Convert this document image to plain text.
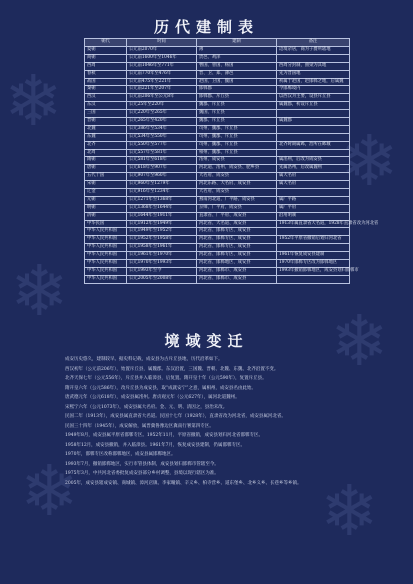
❄
❄
❄
❄
❄	❄
历代建制表
朝代	时间	建制	备注
夏朝	公元前2070年	薄	边境杂居，商为子爵所辖地
商朝	公元前1600年至1046年	贵邑、鸡泽	
西周	公元前1046年至771年	曹国、曾国、杨国	西周分封制，曲梁为其地
春秋	公元前770年至476年	晋、卫、郑、薄邑	先为晋国地
战国	公元前475年至221年	赵国、卫国、魏国	初属于赵国，赵邯郸之地，后属魏
秦朝	公元前221年至207年	邯郸郡	今邯郸境内
西汉	公元前206年至公元8年	邯郸郡、斥丘县	以西汉为主要，设县斥丘县
东汉	公元25年至220年	魏郡、斥丘县	属魏郡，初设斥丘县
三国	公元220年至265年	魏国、斥丘县	
晋朝	公元265年至420年	魏郡、斥丘县	属魏郡
北魏	公元386年至534年	司州、魏郡、斥丘县	
东魏	公元534年至550年	司州、魏郡、斥丘县	
北齐	公元550年至577年	司州、魏郡、斥丘县	北齐时期属邺，治所在邺城
北周	公元557年至581年	相州、魏郡、斥丘县	
隋朝	公元581年至618年	洺州、成安县	属洺州，后改为成安县
唐朝	公元618年至907年	河北道、洺州、成安县、肥乡县	先属洺州，后改属魏州
五代十国	公元907年至960年	大名府、成安县	属大名府
宋朝	公元960年至1279年	河北东路、大名府、成安县	属大名府
辽金	公元916年至1234年	大名府、成安县	
元朝	公元1271年至1368年	燕南河北道、广平路、成安县	属广平路
明朝	公元1368年至1644年	京师、广平府、成安县	属广平府
清朝	公元1644年至1911年	直隶省、广平府、成安县	沿用明制
中华民国	公元1912年至1949年	河北省、大名道、成安县	1913年属直隶省大名道，1928年直隶省改为河北省
中华人民共和国	公元1949年至1952年	河北省、邯郸专区、成安县	
中华人民共和国	公元1952年至1958年	河北省、邯郸专区、成安县	1952年平原省撤销后划归河北省
中华人民共和国	公元1958年至1961年	河北省、邯郸专区、成安县	
中华人民共和国	公元1961年至1970年	河北省、邯郸专区、成安县	1961年恢复成安县建制
中华人民共和国	公元1970年至1993年	河北省、邯郸地区、成安县	1970年邯郸专区改为邯郸地区
中华人民共和国	公元1993年至今	河北省、邯郸市、成安县	1993年撤销邯郸地区，成安县划归邯郸市
中华人民共和国	公元2005年至2008年	河北省、邯郸市、成安县	
境域变迁

成安历史悠久，建制较早。据史料记载，成安县为古斥丘县地，历代沿革如下。

西汉初年（公元前206年），始置斥丘县，属魏郡。东汉沿置，三国魏、晋朝、北魏、东魏、北齐沿置不变。

北齐天保七年（公元556年），斥丘县并入临漳县，后复置。隋开皇十年（公元590年），复置斥丘县。

隋开皇六年（公元586年），改斥丘县为成安县，取“成就安宁”之意，属相州，成安县名由此始。

唐武德元年（公元618年），成安县属洺州。唐贞观元年（公元627年），属河北道魏州。

宋熙宁六年（公元1073年），成安县属大名府。金、元、明、清因之，县治未改。

民国二年（1913年），成安县属直隶省大名道。民国十七年（1928年），直隶省改为河北省，成安县属河北省。

民国三十四年（1945年），成安解放，属晋冀鲁豫边区冀南行署第四专区。

1949年8月，成安县属平原省邯郸专区。1952年11月，平原省撤销，成安县划归河北省邯郸专区。

1958年12月，成安县撤销，并入临漳县。1961年7月，恢复成安县建制，仍属邯郸专区。

1970年，邯郸专区改称邯郸地区，成安县属邯郸地区。

1993年7月，撤销邯郸地区，实行市管县体制，成安县划归邯郸市管辖至今。

1975年3月，中共河北省委批复成安县部分乡村调整，县境以现行辖区为准。

2005年，成安县辖成安镇、商城镇、漳河店镇、李家疃镇、辛义乡、柏寺营乡、道东堡乡、北乡义乡、长巷乡等乡镇。
